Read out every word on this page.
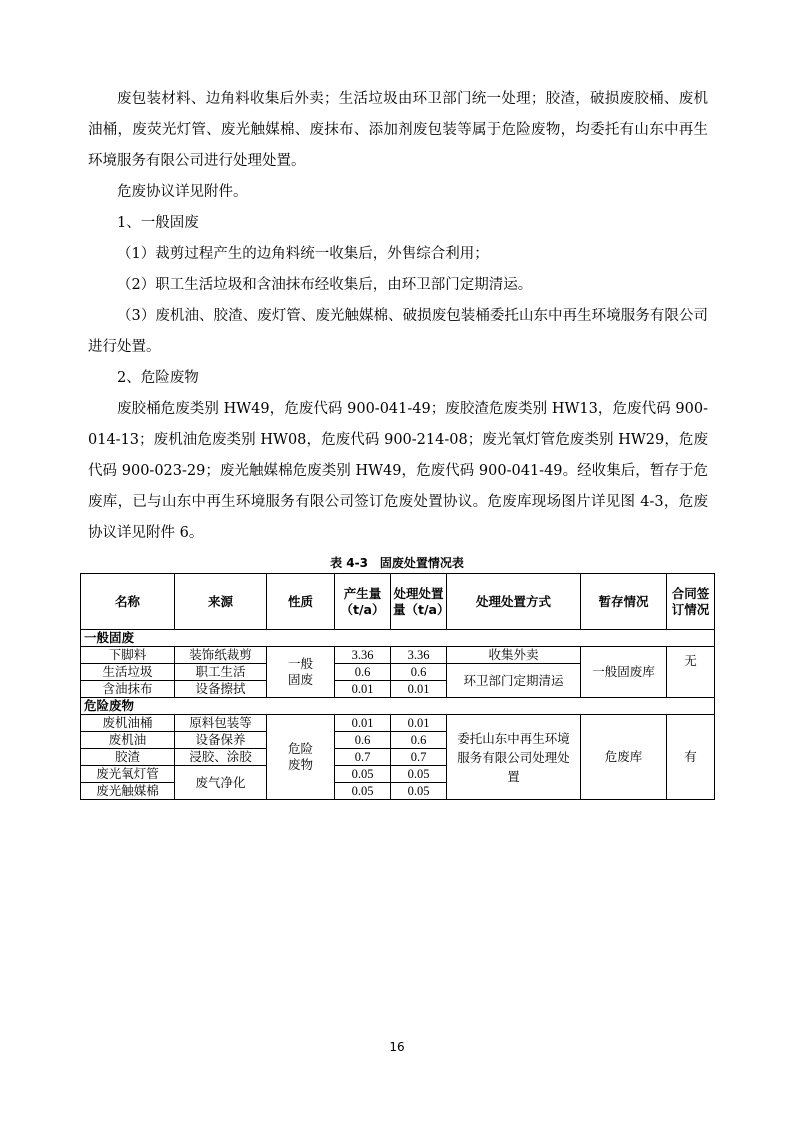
废包装材料、边角料收集后外卖；生活垃圾由环卫部门统一处理；胶渣，破损废胶桶、废机油桶，废荧光灯管、废光触媒棉、废抹布、添加剂废包装等属于危险废物，均委托有山东中再生环境服务有限公司进行处理处置。

危废协议详见附件。

1、一般固废

（1）裁剪过程产生的边角料统一收集后，外售综合利用；

（2）职工生活垃圾和含油抹布经收集后，由环卫部门定期清运。

（3）废机油、胶渣、废灯管、废光触媒棉、破损废包装桶委托山东中再生环境服务有限公司进行处置。

2、危险废物

废胶桶危废类别 HW49，危废代码 900-041-49；废胶渣危废类别 HW13，危废代码 900-014-13；废机油危废类别 HW08，危废代码 900-214-08；废光氧灯管危废类别 HW29，危废代码 900-023-29；废光触媒棉危废类别 HW49，危废代码 900-041-49。经收集后，暂存于危废库，已与山东中再生环境服务有限公司签订危废处置协议。危废库现场图片详见图 4-3，危废协议详见附件 6。

表 4-3　固废处置情况表
名称	来源	性质	产生量（t/a）	处理处置量（t/a）	处理处置方式	暂存情况	合同签订情况
一般固废							
下脚料	装饰纸裁剪	一般固废	3.36	3.36	收集外卖	一般固废库	无
生活垃圾	职工生活		0.6	0.6	环卫部门定期清运		
含油抹布	设备擦拭		0.01	0.01			
危险废物							
废机油桶	原料包装等	危险废物	0.01	0.01	委托山东中再生环境服务有限公司处理处置	危废库	有
废机油	设备保养		0.6	0.6			
胶渣	浸胶、涂胶		0.7	0.7			
废光氧灯管	废气净化		0.05	0.05			
废光触媒棉			0.05	0.05			
16
